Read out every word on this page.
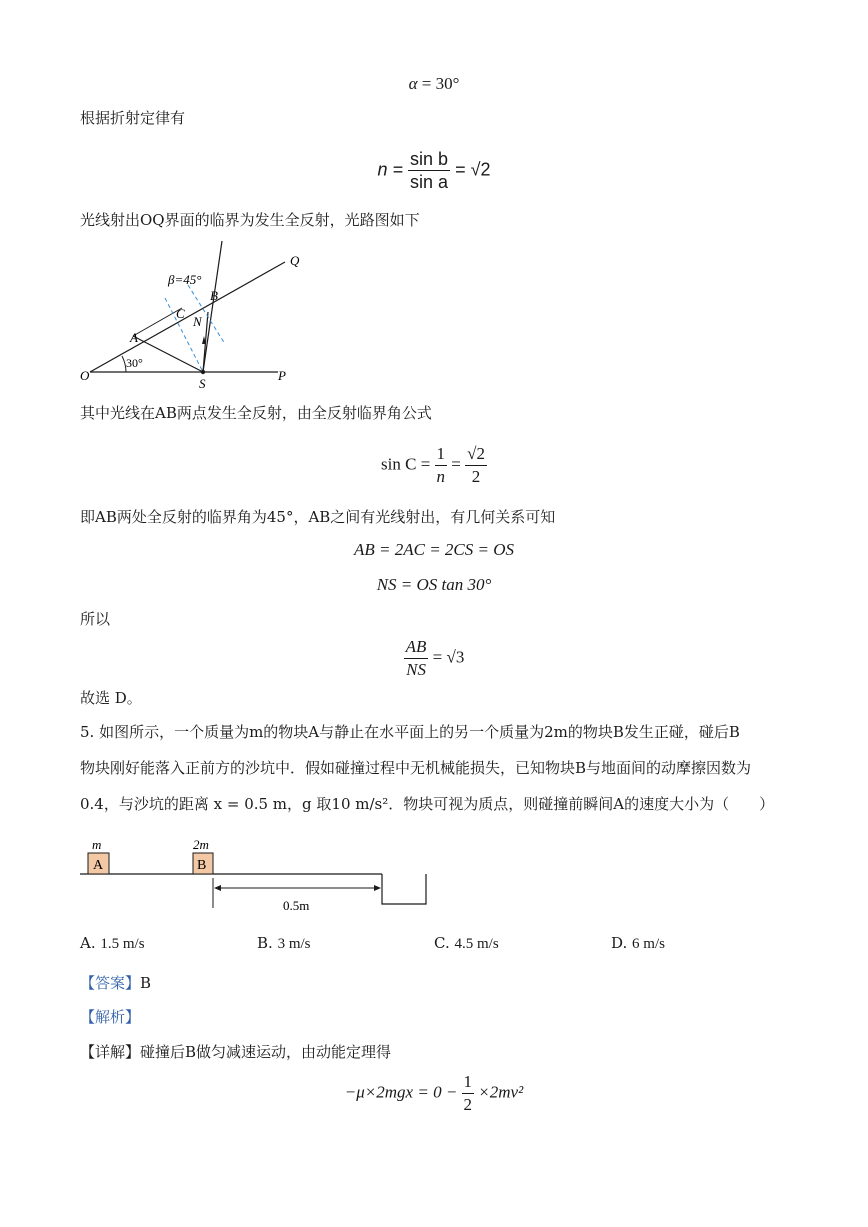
α = 30°
根据折射定律有
$n = \frac{\text{sin b}}{\text{sin a}} = √2$
光线射出OQ界面的临界为发生全反射，光路图如下
β=45°
B
C
A
N
O
S
P
Q
30°
其中光线在AB两点发生全反射，由全反射临界角公式
$\sin C = \frac{1}{n} = \frac{√2}{2}$
即AB两处全反射的临界角为45°，AB之间有光线射出，有几何关系可知
AB = 2AC = 2CS = OS
NS = OS tan 30°
所以
$\frac{AB}{NS} = √3$
故选 D。
5. 如图所示，一个质量为m的物块A与静止在水平面上的另一个质量为2m的物块B发生正碰，碰后B
物块刚好能落入正前方的沙坑中．假如碰撞过程中无机械能损失，已知物块B与地面间的动摩擦因数为
0.4，与沙坑的距离 x = 0.5 m，g 取10 m/s²．物块可视为质点，则碰撞前瞬间A的速度大小为（　　）
m
A
2m
B
0.5m
A. 1.5 m/s	B. 3 m/s	C. 4.5 m/s	D. 6 m/s
【答案】B
【解析】
【详解】碰撞后B做匀减速运动，由动能定理得
$-\mu\times 2mgx = 0 - \frac{1}{2} \times 2mv^2$
